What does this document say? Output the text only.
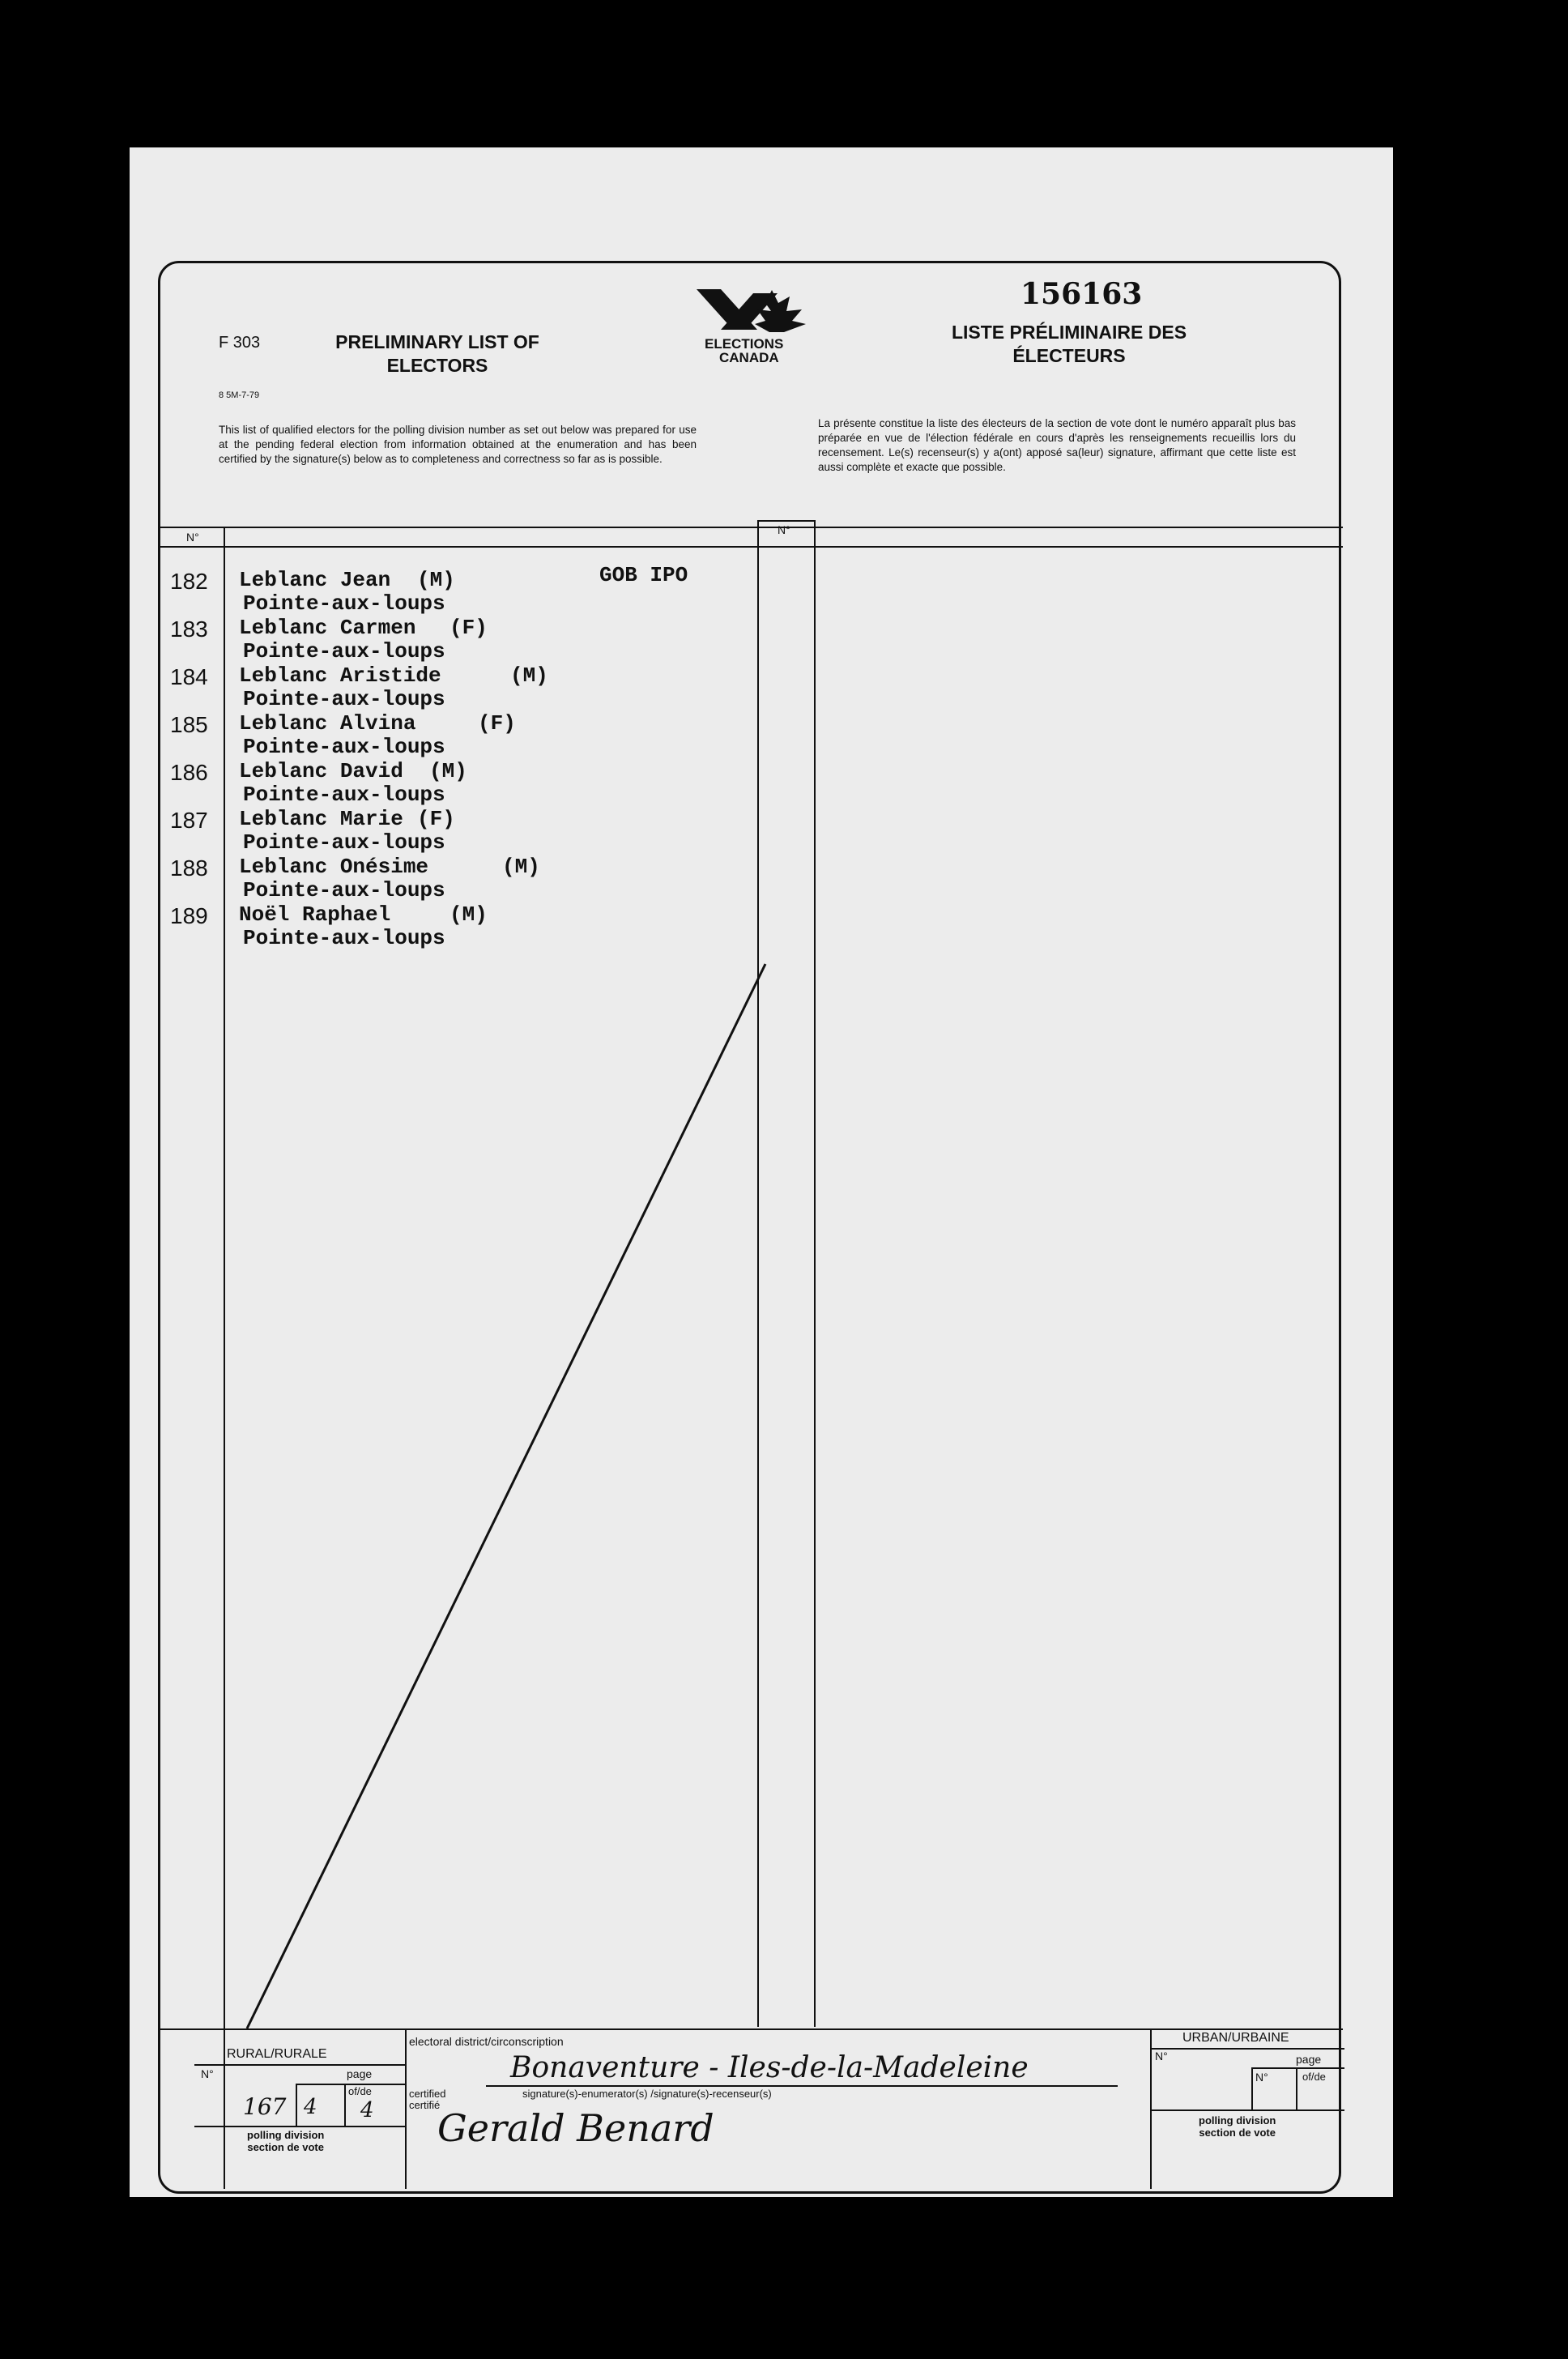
F 303
8 5M-7-79
PRELIMINARY LIST OF ELECTORS
ELECTIONS
CANADA
156163
LISTE PRÉLIMINAIRE DES ÉLECTEURS
This list of qualified electors for the polling division number as set out below was prepared for use at the pending federal election from information obtained at the enumeration and has been certified by the signature(s) below as to completeness and correctness so far as is possible.
La présente constitue la liste des électeurs de la section de vote dont le numéro apparaît plus bas préparée en vue de l'élection fédérale en cours d'après les renseignements recueillis lors du recensement. Le(s) recenseur(s) y a(ont) apposé sa(leur) signature, affirmant que cette liste est aussi complète et exacte que possible.
N°
N°
182 Leblanc Jean (M)	GOB IPO
Pointe-aux-loups
183 Leblanc Carmen (F)
Pointe-aux-loups
184 Leblanc Aristide	(M)
Pointe-aux-loups
185 Leblanc Alvina	(F)
Pointe-aux-loups
186 Leblanc David (M)
Pointe-aux-loups
187 Leblanc Marie (F)
Pointe-aux-loups
188 Leblanc Onésime	(M)
Pointe-aux-loups
189 Noël Raphael	(M)
Pointe-aux-loups
RURAL/RURALE
N°	page
167 4
of/de
4
polling division
section de vote
electoral district/circonscription
Bonaventure - Iles-de-la-Madeleine
certified
certifié
signature(s)-enumerator(s) /signature(s)-recenseur(s)
Gerald Benard
URBAN/URBAINE
N°	page
N°	of/de
polling division
section de vote
